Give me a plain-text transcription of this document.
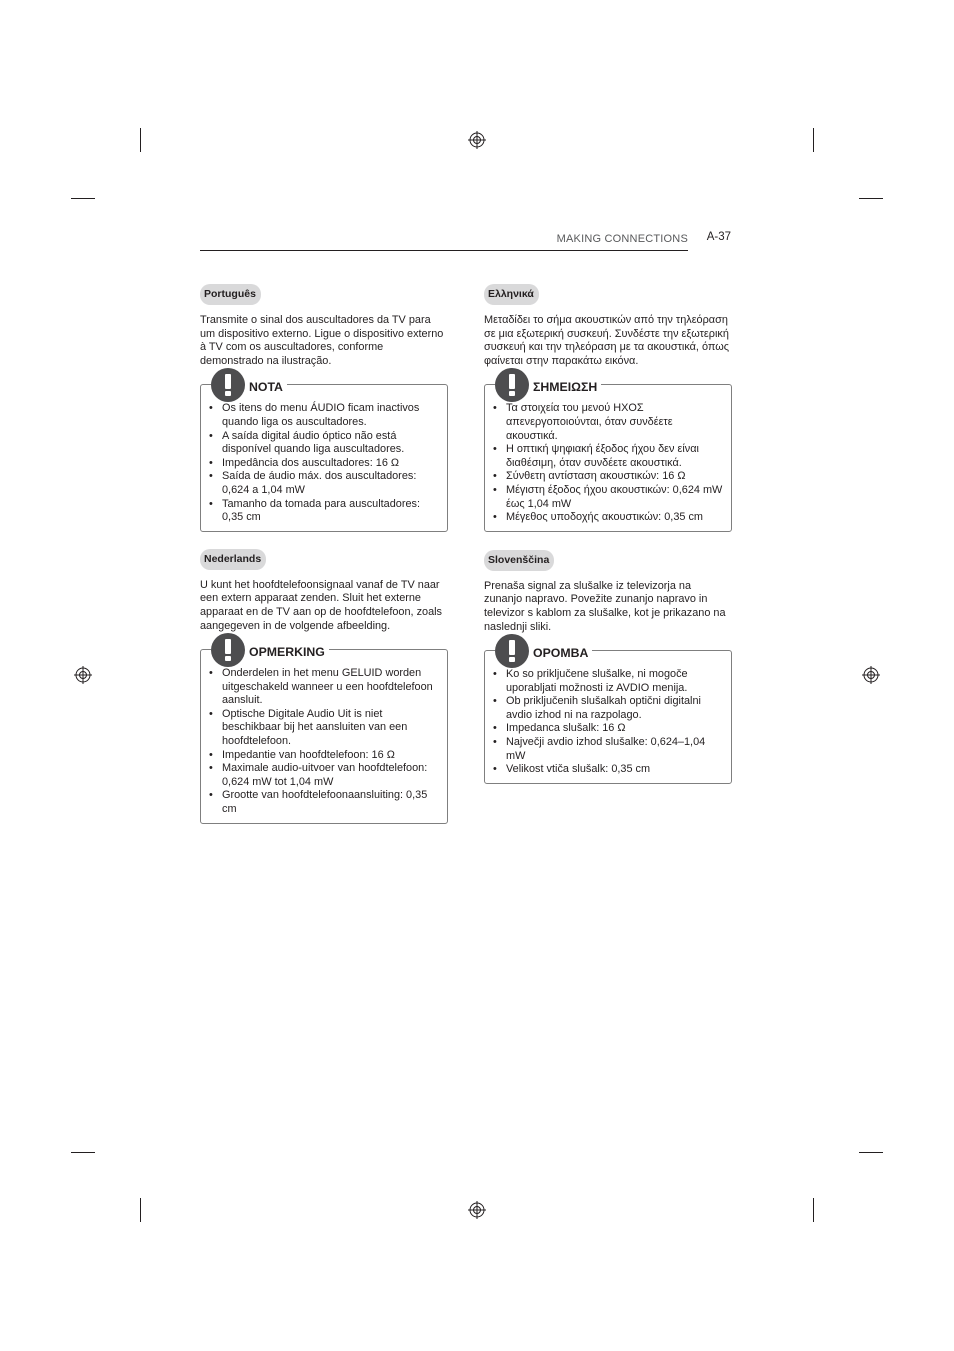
MAKING CONNECTIONS A-37
Português

Transmite o sinal dos auscultadores da TV para um dispositivo externo. Ligue o dispositivo externo à TV com os auscultadores, conforme demonstrado na ilustração.

NOTA
• Os itens do menu ÁUDIO ficam inactivos quando liga os auscultadores.
• A saída digital áudio óptico não está disponível quando liga auscultadores.
• Impedância dos auscultadores: 16 Ω
• Saída de áudio máx. dos auscultadores: 0,624 a 1,04 mW
• Tamanho da tomada para auscultadores: 0,35 cm
Nederlands

U kunt het hoofdtelefoonsignaal vanaf de TV naar een extern apparaat zenden. Sluit het externe apparaat en de TV aan op de hoofdtelefoon, zoals aangegeven in de volgende afbeelding.

OPMERKING
• Onderdelen in het menu GELUID worden uitgeschakeld wanneer u een hoofdtelefoon aansluit.
• Optische Digitale Audio Uit is niet beschikbaar bij het aansluiten van een hoofdtelefoon.
• Impedantie van hoofdtelefoon: 16 Ω
• Maximale audio-uitvoer van hoofdtelefoon: 0,624 mW tot 1,04 mW
• Grootte van hoofdtelefoonaansluiting: 0,35 cm
Ελληνικά

Μεταδίδει το σήμα ακουστικών από την τηλεόραση σε μια εξωτερική συσκευή. Συνδέστε την εξωτερική συσκευή και την τηλεόραση με τα ακουστικά, όπως φαίνεται στην παρακάτω εικόνα.

ΣΗΜΕΙΩΣΗ
• Τα στοιχεία του μενού ΗΧΟΣ απενεργοποιούνται, όταν συνδέετε ακουστικά.
• Η οπτική ψηφιακή έξοδος ήχου δεν είναι διαθέσιμη, όταν συνδέετε ακουστικά.
• Σύνθετη αντίσταση ακουστικών: 16 Ω
• Μέγιστη έξοδος ήχου ακουστικών: 0,624 mW έως 1,04 mW
• Μέγεθος υποδοχής ακουστικών: 0,35 cm
Slovenščina

Prenaša signal za slušalke iz televizorja na zunanjo napravo. Povežite zunanjo napravo in televizor s kablom za slušalke, kot je prikazano na naslednji sliki.

OPOMBA
• Ko so priključene slušalke, ni mogoče uporabljati možnosti iz AVDIO menija.
• Ob priključenih slušalkah optični digitalni avdio izhod ni na razpolago.
• Impedanca slušalk: 16 Ω
• Največji avdio izhod slušalke: 0,624–1,04 mW
• Velikost vtiča slušalk: 0,35 cm
